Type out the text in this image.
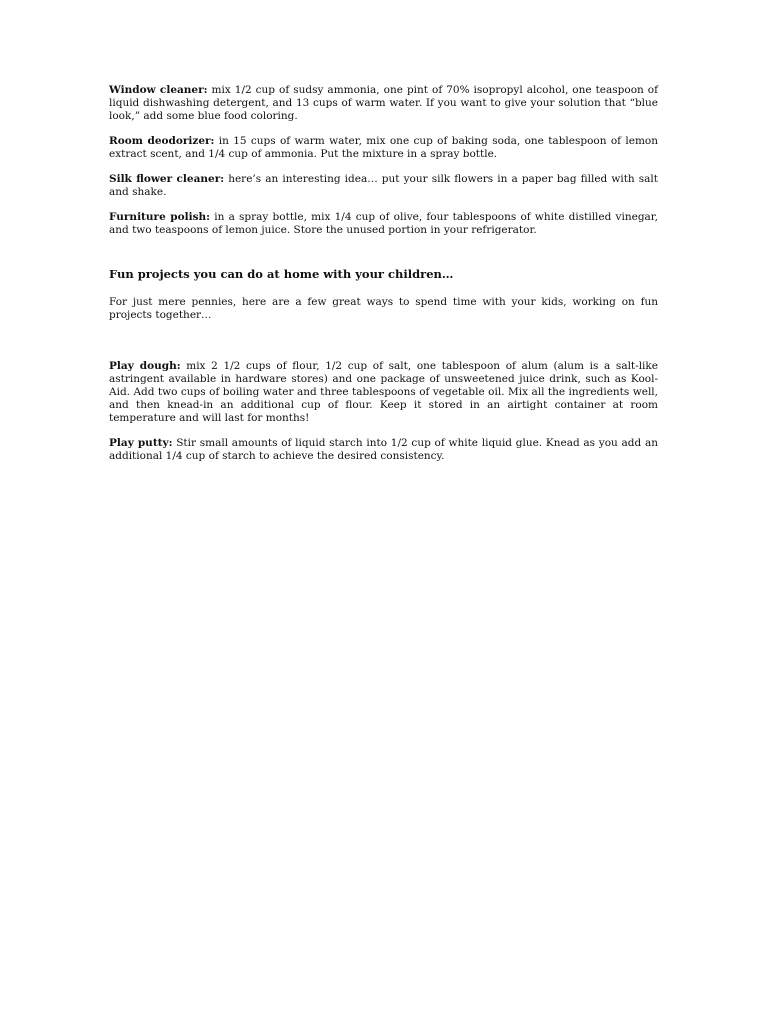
Window cleaner: mix 1/2 cup of sudsy ammonia, one pint of 70% isopropyl alcohol, one teaspoon of liquid dishwashing detergent, and 13 cups of warm water. If you want to give your solution that “blue look,” add some blue food coloring.

Room deodorizer: in 15 cups of warm water, mix one cup of baking soda, one tablespoon of lemon extract scent, and 1/4 cup of ammonia. Put the mixture in a spray bottle.

Silk flower cleaner: here’s an interesting idea… put your silk flowers in a paper bag filled with salt and shake.

Furniture polish: in a spray bottle, mix 1/4 cup of olive, four tablespoons of white distilled vinegar, and two teaspoons of lemon juice. Store the unused portion in your refrigerator.

Fun projects you can do at home with your children…

For just mere pennies, here are a few great ways to spend time with your kids, working on fun projects together…

Play dough: mix 2 1/2 cups of flour, 1/2 cup of salt, one tablespoon of alum (alum is a salt-like astringent available in hardware stores) and one package of unsweetened juice drink, such as Kool-Aid. Add two cups of boiling water and three tablespoons of vegetable oil. Mix all the ingredients well, and then knead-in an additional cup of flour. Keep it stored in an airtight container at room temperature and will last for months!

Play putty: Stir small amounts of liquid starch into 1/2 cup of white liquid glue. Knead as you add an additional 1/4 cup of starch to achieve the desired consistency.
